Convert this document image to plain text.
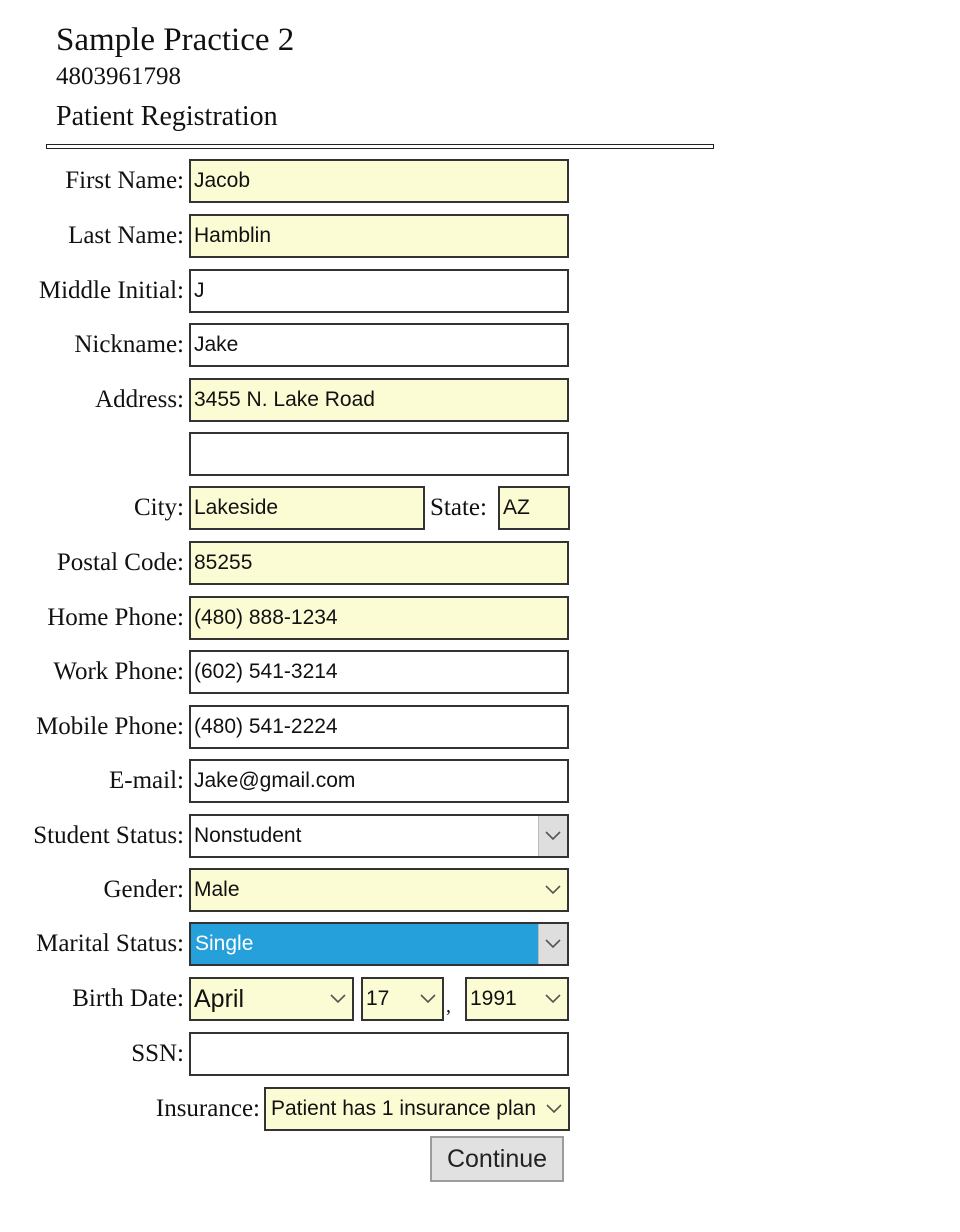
Sample Practice 2
4803961798
Patient Registration
First Name: Jacob
Last Name: Hamblin
Middle Initial: J
Nickname: Jake
Address: 3455 N. Lake Road
City: Lakeside	State: AZ
Postal Code: 85255
Home Phone: (480) 888-1234
Work Phone: (602) 541-3214
Mobile Phone: (480) 541-2224
E-mail: Jake@gmail.com
Student Status: Nonstudent
Gender: Male
Marital Status: Single
Birth Date: April	17	, 1991
SSN:
Insurance: Patient has 1 insurance plan
Continue
